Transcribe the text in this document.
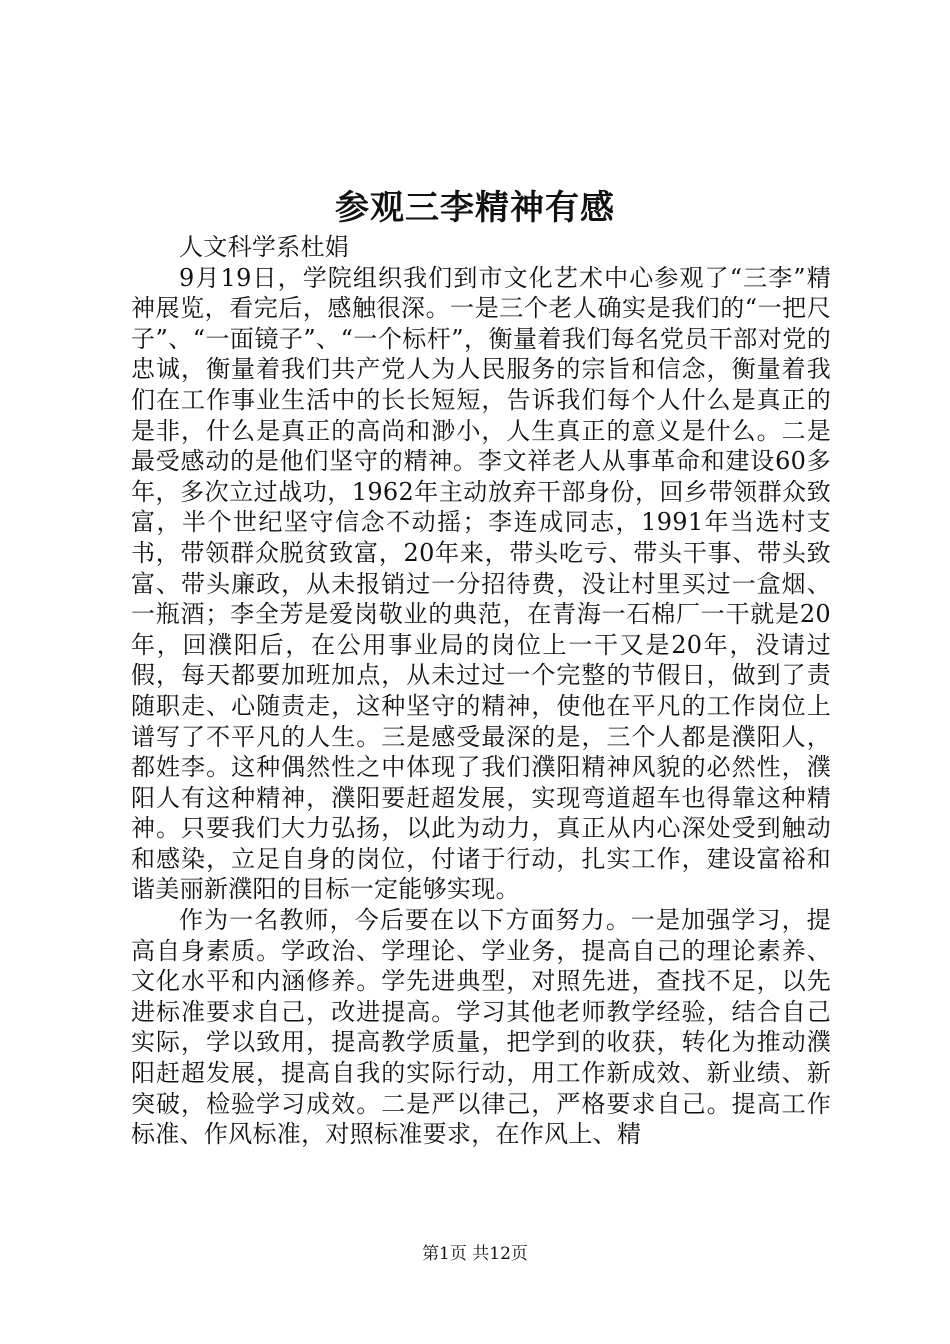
参观三李精神有感

人文科学系杜娟

9月19日，学院组织我们到市文化艺术中心参观了“三李”精神展览，看完后，感触很深。一是三个老人确实是我们的“一把尺子”、“一面镜子”、“一个标杆”，衡量着我们每名党员干部对党的忠诚，衡量着我们共产党人为人民服务的宗旨和信念，衡量着我们在工作事业生活中的长长短短，告诉我们每个人什么是真正的是非，什么是真正的高尚和渺小，人生真正的意义是什么。二是最受感动的是他们坚守的精神。李文祥老人从事革命和建设60多年，多次立过战功，1962年主动放弃干部身份，回乡带领群众致富，半个世纪坚守信念不动摇；李连成同志，1991年当选村支书，带领群众脱贫致富，20年来，带头吃亏、带头干事、带头致富、带头廉政，从未报销过一分招待费，没让村里买过一盒烟、一瓶酒；李全芳是爱岗敬业的典范，在青海一石棉厂一干就是20年，回濮阳后，在公用事业局的岗位上一干又是20年，没请过假，每天都要加班加点，从未过过一个完整的节假日，做到了责随职走、心随责走，这种坚守的精神，使他在平凡的工作岗位上谱写了不平凡的人生。三是感受最深的是，三个人都是濮阳人，都姓李。这种偶然性之中体现了我们濮阳精神风貌的必然性，濮阳人有这种精神，濮阳要赶超发展，实现弯道超车也得靠这种精神。只要我们大力弘扬，以此为动力，真正从内心深处受到触动和感染，立足自身的岗位，付诸于行动，扎实工作，建设富裕和谐美丽新濮阳的目标一定能够实现。

作为一名教师，今后要在以下方面努力。一是加强学习，提高自身素质。学政治、学理论、学业务，提高自己的理论素养、文化水平和内涵修养。学先进典型，对照先进，查找不足，以先进标准要求自己，改进提高。学习其他老师教学经验，结合自己实际，学以致用，提高教学质量，把学到的收获，转化为推动濮阳赶超发展，提高自我的实际行动，用工作新成效、新业绩、新突破，检验学习成效。二是严以律己，严格要求自己。提高工作标准、作风标准，对照标准要求，在作风上、精

第1页 共12页
